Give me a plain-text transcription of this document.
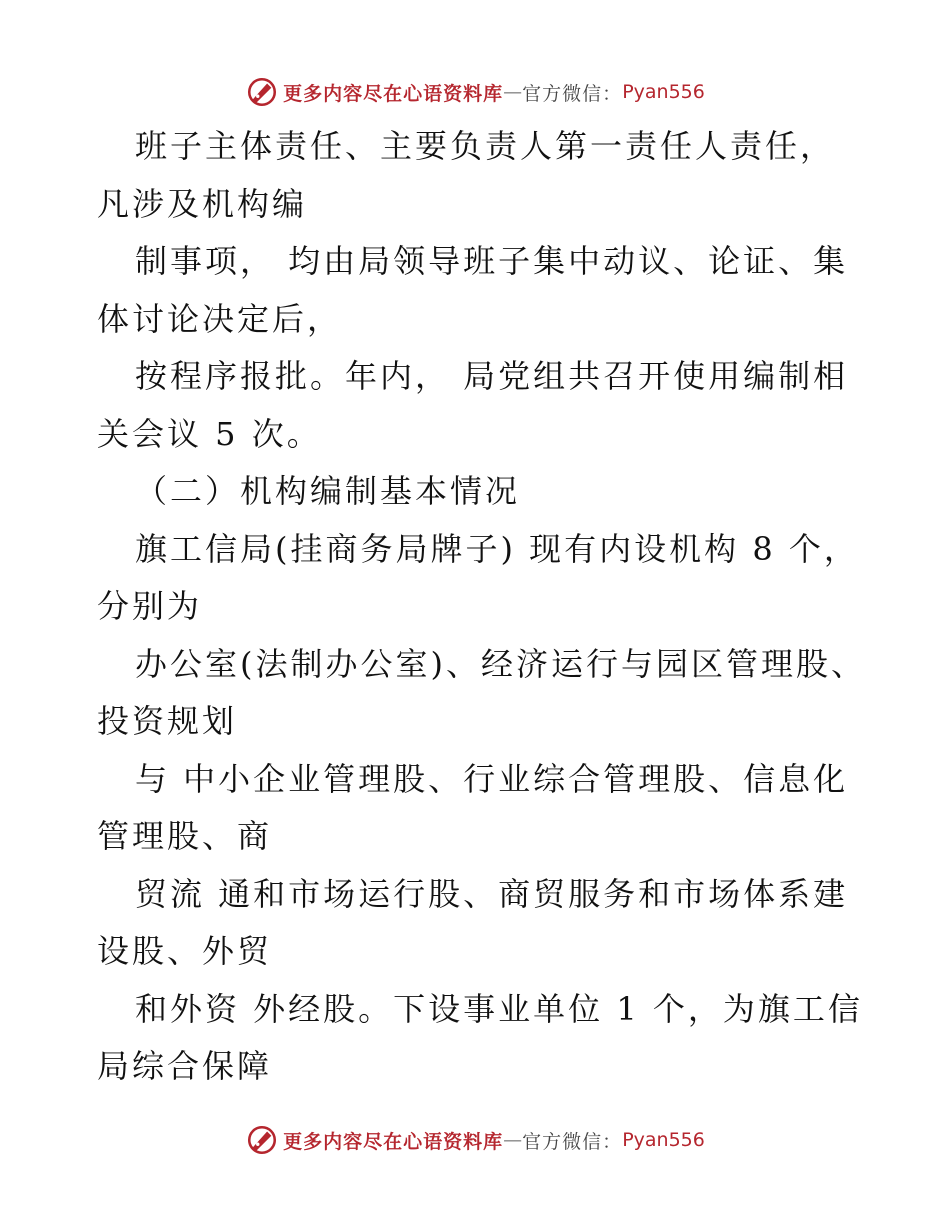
更多内容尽在心语资料库 — 官方微信： Pyan556
班子主体责任、主要负责人第一责任人责任，
凡涉及机构编
制事项， 均由局领导班子集中动议、论证、集
体讨论决定后，
按程序报批。年内， 局党组共召开使用编制相
关会议 5 次。
（二）机构编制基本情况
旗工信局(挂商务局牌子) 现有内设机构 8 个，
分别为
办公室(法制办公室)、经济运行与园区管理股、
投资规划
与 中小企业管理股、行业综合管理股、信息化
管理股、商
贸流 通和市场运行股、商贸服务和市场体系建
设股、外贸
和外资 外经股。下设事业单位 1 个，为旗工信
局综合保障
更多内容尽在心语资料库 — 官方微信： Pyan556
